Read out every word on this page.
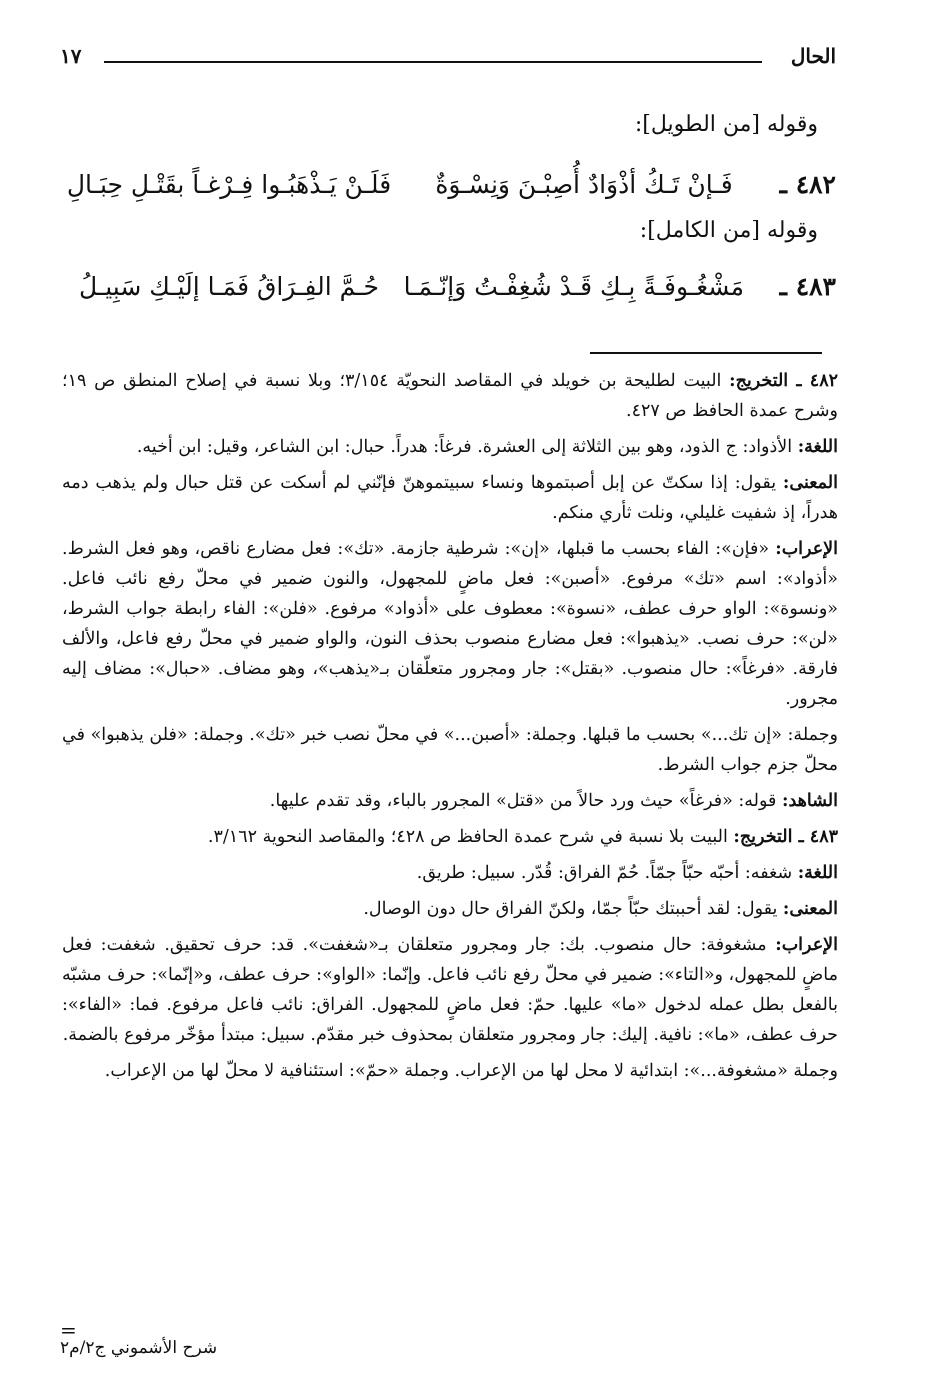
الحال
١٧
وقوله [من الطويل]:
٤٨٢ ـ
فَـإنْ تَـكُ أذْوَادٌ أُصِبْـنَ وَنِسْـوَةٌ
فَلَـنْ يَـذْهَبُـوا فِـرْغـاً بقَتْـلِ حِبَـالِ
وقوله [من الكامل]:
٤٨٣ ـ
مَشْغُـوفَـةً بِـكِ قَـدْ شُغِفْـتُ وَإنّـمَـا
حُـمَّ الفِـرَاقُ فَمَـا إلَيْـكِ سَبِيـلُ

٤٨٢ ـ التخريج: البيت لطليحة بن خويلد في المقاصد النحويّة ٣/١٥٤؛ وبلا نسبة في إصلاح المنطق ص ١٩؛ وشرح عمدة الحافظ ص ٤٢٧.

اللغة: الأذواد: ج الذود، وهو بين الثلاثة إلى العشرة. فرغاً: هدراً. حبال: ابن الشاعر، وقيل: ابن أخيه.

المعنى: يقول: إذا سكتّ عن إبل أصبتموها ونساء سبيتموهنّ فإنّني لم أسكت عن قتل حبال ولم يذهب دمه هدراً، إذ شفيت غليلي، ونلت ثأري منكم.

الإعراب: «فإن»: الفاء بحسب ما قبلها، «إن»: شرطية جازمة. «تك»: فعل مضارع ناقص، وهو فعل الشرط. «أذواد»: اسم «تك» مرفوع. «أصبن»: فعل ماضٍ للمجهول، والنون ضمير في محلّ رفع نائب فاعل. «ونسوة»: الواو حرف عطف، «نسوة»: معطوف على «أذواد» مرفوع. «فلن»: الفاء رابطة جواب الشرط، «لن»: حرف نصب. «يذهبوا»: فعل مضارع منصوب بحذف النون، والواو ضمير في محلّ رفع فاعل، والألف فارقة. «فرغاً»: حال منصوب. «بقتل»: جار ومجرور متعلّقان بـ«يذهب»، وهو مضاف. «حبال»: مضاف إليه مجرور.

وجملة: «إن تك...» بحسب ما قبلها. وجملة: «أصبن...» في محلّ نصب خبر «تك». وجملة: «فلن يذهبوا» في محلّ جزم جواب الشرط.

الشاهد: قوله: «فرغاً» حيث ورد حالاً من «قتل» المجرور بالباء، وقد تقدم عليها.

٤٨٣ ـ التخريج: البيت بلا نسبة في شرح عمدة الحافظ ص ٤٢٨؛ والمقاصد النحوية ٣/١٦٢.

اللغة: شغفه: أحبّه حبّاً جمّاً. حُمّ الفراق: قُدّر. سبيل: طريق.

المعنى: يقول: لقد أحببتك حبّاً جمّا، ولكنّ الفراق حال دون الوصال.

الإعراب: مشغوفة: حال منصوب. بك: جار ومجرور متعلقان بـ«شغفت». قد: حرف تحقيق. شغفت: فعل ماضٍ للمجهول، و«التاء»: ضمير في محلّ رفع نائب فاعل. وإنّما: «الواو»: حرف عطف، و«إنّما»: حرف مشبّه بالفعل بطل عمله لدخول «ما» عليها. حمّ: فعل ماضٍ للمجهول. الفراق: نائب فاعل مرفوع. فما: «الفاء»: حرف عطف، «ما»: نافية. إليك: جار ومجرور متعلقان بمحذوف خبر مقدّم. سبيل: مبتدأ مؤخّر مرفوع بالضمة.

وجملة «مشغوفة...»: ابتدائية لا محل لها من الإعراب. وجملة «حمّ»: استئنافية لا محلّ لها من الإعراب.

=
شرح الأشموني ج٢/م٢
